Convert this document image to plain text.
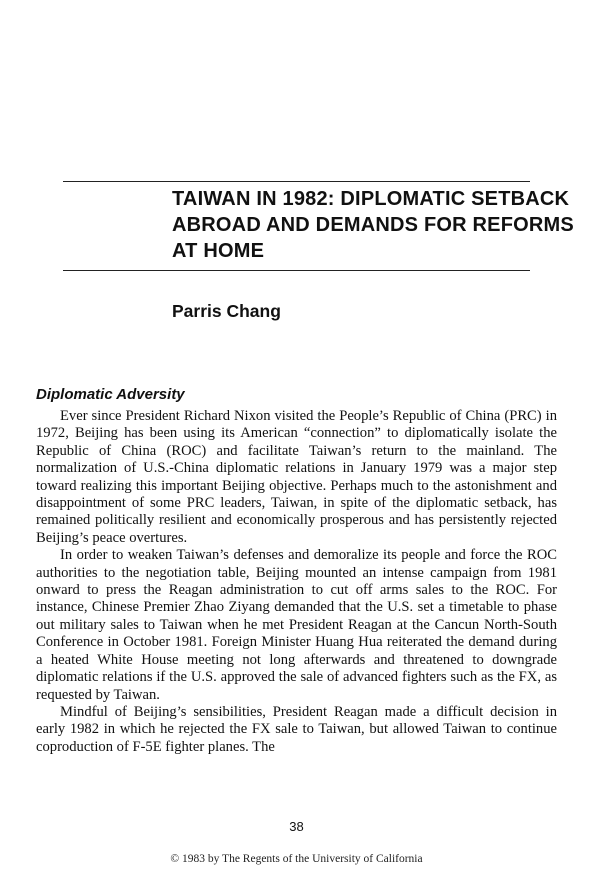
TAIWAN IN 1982: DIPLOMATIC SETBACK
ABROAD AND DEMANDS FOR REFORMS
AT HOME
Parris Chang
Diplomatic Adversity

Ever since President Richard Nixon visited the People’s Republic of China (PRC) in 1972, Beijing has been using its American “connection” to diplomatically isolate the Republic of China (ROC) and facilitate Taiwan’s return to the mainland. The normalization of U.S.-China diplomatic relations in January 1979 was a major step toward realizing this important Beijing objective. Perhaps much to the astonishment and disappointment of some PRC leaders, Taiwan, in spite of the diplomatic setback, has remained politically resilient and economically prosperous and has persistently rejected Beijing’s peace overtures.

In order to weaken Taiwan’s defenses and demoralize its people and force the ROC authorities to the negotiation table, Beijing mounted an intense campaign from 1981 onward to press the Reagan administration to cut off arms sales to the ROC. For instance, Chinese Premier Zhao Ziyang demanded that the U.S. set a timetable to phase out military sales to Taiwan when he met President Reagan at the Cancun North-South Conference in October 1981. Foreign Minister Huang Hua reiterated the demand during a heated White House meeting not long afterwards and threatened to downgrade diplomatic relations if the U.S. approved the sale of advanced fighters such as the FX, as requested by Taiwan.

Mindful of Beijing’s sensibilities, President Reagan made a difficult decision in early 1982 in which he rejected the FX sale to Taiwan, but allowed Taiwan to continue coproduction of F-5E fighter planes. The

38
© 1983 by The Regents of the University of California
